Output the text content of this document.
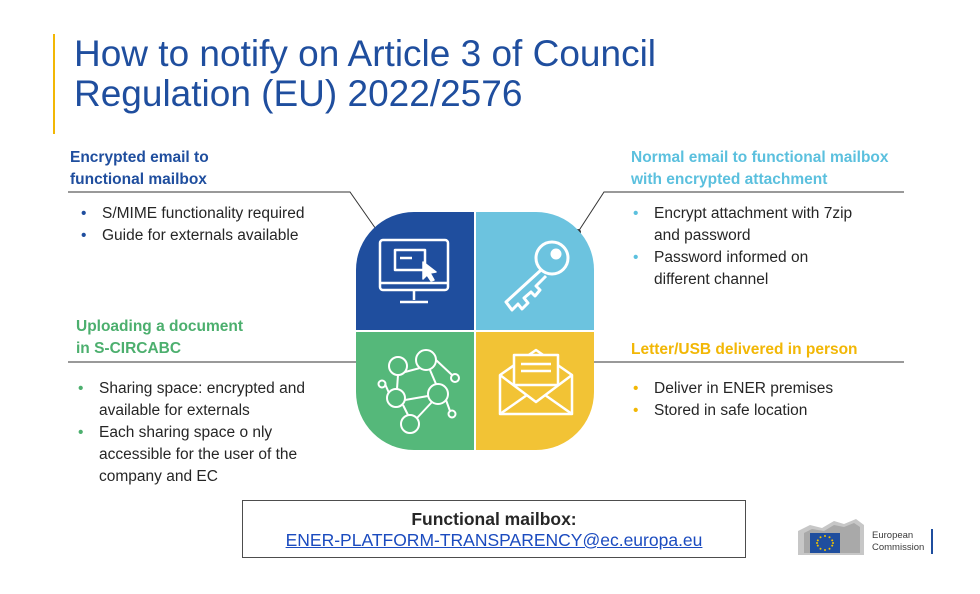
How to notify on Article 3 of Council
Regulation (EU) 2022/2576
Encrypted email to
functional mailbox
• S/MIME functionality required
• Guide for externals available
Normal email to functional mailbox
with encrypted attachment
• Encrypt attachment with 7zip and password
• Password informed on different channel
Uploading a document
in S-CIRCABC
• Sharing space: encrypted and available for externals
• Each sharing space o nly accessible for the user of the company and EC
Letter/USB delivered in person
• Deliver in ENER premises
• Stored in safe location
Functional mailbox:
ENER-PLATFORM-TRANSPARENCY@ec.europa.eu	European
Commission
